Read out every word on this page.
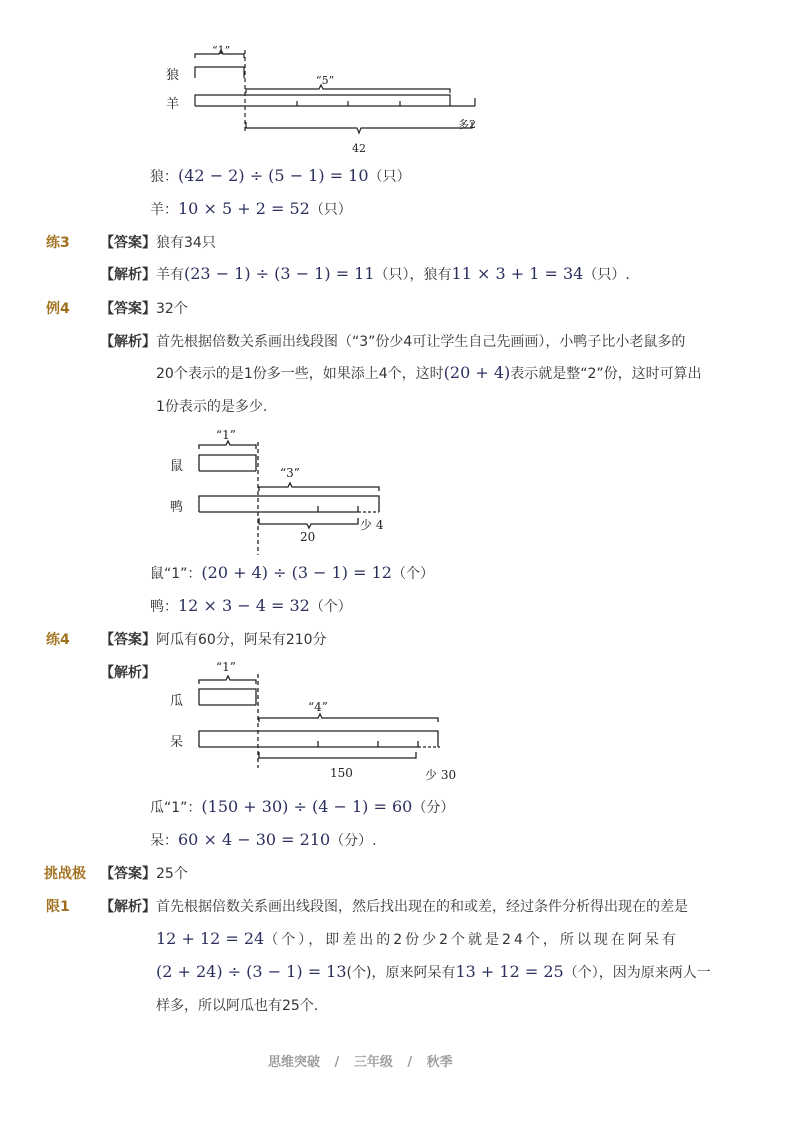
“1”
狼	“5”
羊
多2
42
狼：(42 − 2) ÷ (5 − 1) = 10（只）
羊：10 × 5 + 2 = 52（只）
练3 【答案】狼有34只
【解析】羊有(23 − 1) ÷ (3 − 1) = 11（只），狼有11 × 3 + 1 = 34（只）.
例4 【答案】32个
【解析】首先根据倍数关系画出线段图（“3”份少4可让学生自己先画画），小鸭子比小老鼠多的
20个表示的是1份多一些，如果添上4个，这时(20 + 4)表示就是整“2”份，这时可算出
1份表示的是多少.
“1”
鼠	“3”
鸭
少 4
20
鼠“1”：(20 + 4) ÷ (3 − 1) = 12（个）
鸭：12 × 3 − 4 = 32（个）
练4 【答案】阿瓜有60分，阿呆有210分
【解析】	“1”
瓜	“4”
呆
150	少 30
瓜“1”：(150 + 30) ÷ (4 − 1) = 60（分）
呆：60 × 4 − 30 = 210（分）.
挑战极
限1
【答案】25个
【解析】首先根据倍数关系画出线段图，然后找出现在的和或差，经过条件分析得出现在的差是
12 + 12 = 24（个），即差出的2份少2个就是24个，所以现在阿呆有
(2 + 24) ÷ (3 − 1) = 13(个)，原来阿呆有13 + 12 = 25（个），因为原来两人一
样多，所以阿瓜也有25个.
思维突破 / 三年级 / 秋季
